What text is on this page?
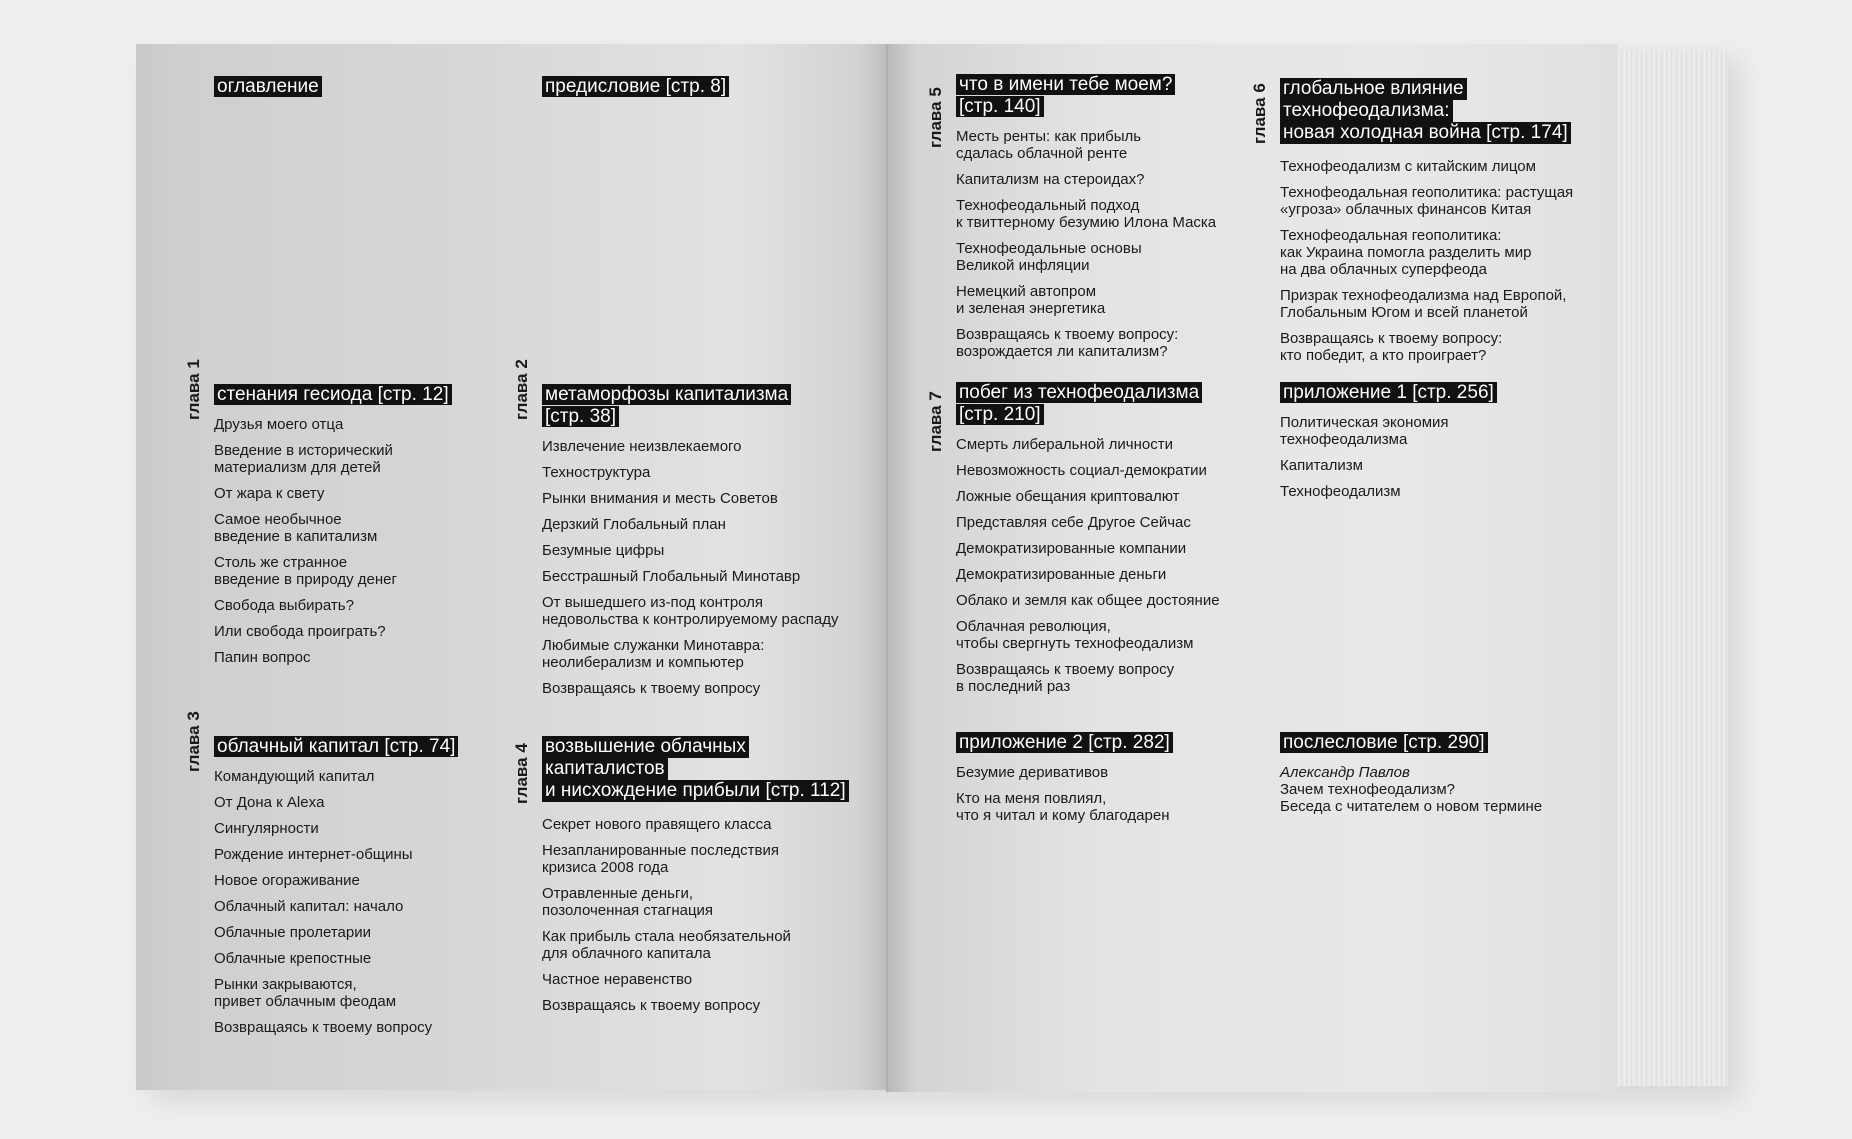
оглавление	предисловие [стр. 8]
глава 1 стенания гесиода [стр. 12]
Друзья моего отца
Введение в исторический
материализм для детей
От жара к свету
Самое необычное
введение в капитализм
Столь же странное
введение в природу денег
Свобода выбирать?
Или свобода проиграть?
Папин вопрос
глава 2 метаморфозы капитализма [стр. 38]
Извлечение неизвлекаемого
Техноструктура
Рынки внимания и месть Советов
Дерзкий Глобальный план
Безумные цифры
Бесстрашный Глобальный Минотавр
От вышедшего из-под контроля
недовольства к контролируемому распаду
Любимые служанки Минотавра:
неолиберализм и компьютер
Возвращаясь к твоему вопросу
глава 3 облачный капитал [стр. 74]
Командующий капитал
От Дона к Alexa
Сингулярности
Рождение интернет-общины
Новое огораживание
Облачный капитал: начало
Облачные пролетарии
Облачные крепостные
Рынки закрываются,
привет облачным феодам
Возвращаясь к твоему вопросу
глава 4 возвышение облачных
капиталистов
и нисхождение прибыли [стр. 112]
Секрет нового правящего класса
Незапланированные последствия
кризиса 2008 года
Отравленные деньги,
позолоченная стагнация
Как прибыль стала необязательной
для облачного капитала
Частное неравенство
Возвращаясь к твоему вопросу
глава 5
что в имени тебе моем? [стр. 140]
Месть ренты: как прибыль
сдалась облачной ренте
Капитализм на стероидах?
Технофеодальный подход
к твиттерному безумию Илона Маска
Технофеодальные основы
Великой инфляции
Немецкий автопром
и зеленая энергетика
Возвращаясь к твоему вопросу:
возрождается ли капитализм?
глава 6 глобальное влияние
технофеодализма:
новая холодная война [стр. 174]
Технофеодализм с китайским лицом
Технофеодальная геополитика: растущая
«угроза» облачных финансов Китая
Технофеодальная геополитика:
как Украина помогла разделить мир
на два облачных суперфеода
Призрак технофеодализма над Европой,
Глобальным Югом и всей планетой
Возвращаясь к твоему вопросу:
кто победит, а кто проиграет?
глава 7 побег из технофеодализма [стр. 210]
Смерть либеральной личности
Невозможность социал-демократии
Ложные обещания криптовалют
Представляя себе Другое Сейчас
Демократизированные компании
Демократизированные деньги
Облако и земля как общее достояние
Облачная революция,
чтобы свергнуть технофеодализм
Возвращаясь к твоему вопросу
в последний раз
приложение 1 [стр. 256]
Политическая экономия
технофеодализма
Капитализм
Технофеодализм
приложение 2 [стр. 282]
Безумие деривативов
Кто на меня повлиял,
что я читал и кому благодарен
послесловие [стр. 290]
Александр Павлов
Зачем технофеодализм?
Беседа с читателем о новом термине
